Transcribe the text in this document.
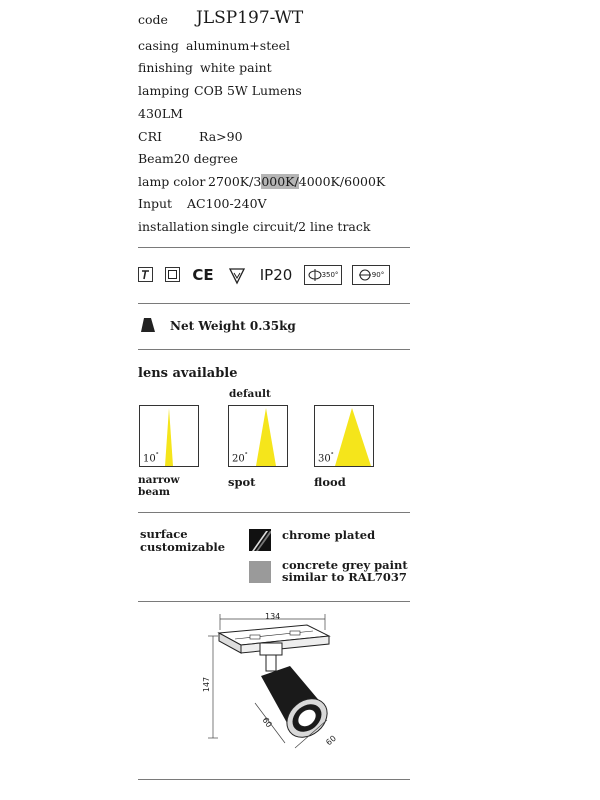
code JLSP197-WT
casing aluminum+steel
finishing white paint
lamping COB 5W Lumens
430LM
CRI	Ra>90
Beam20 degree
lamp color 2700K/3000K/4000K/6000K
Input AC100-240V
installation single circuit/2 line track
CE	IP20	350°	90°
Net Weight 0.35kg
lens available
default
10°	20°	30°
narrow
beam
spot	flood
surface
customizable
chrome plated
concrete grey paint
similar to RAL7037
134
147
60
60
